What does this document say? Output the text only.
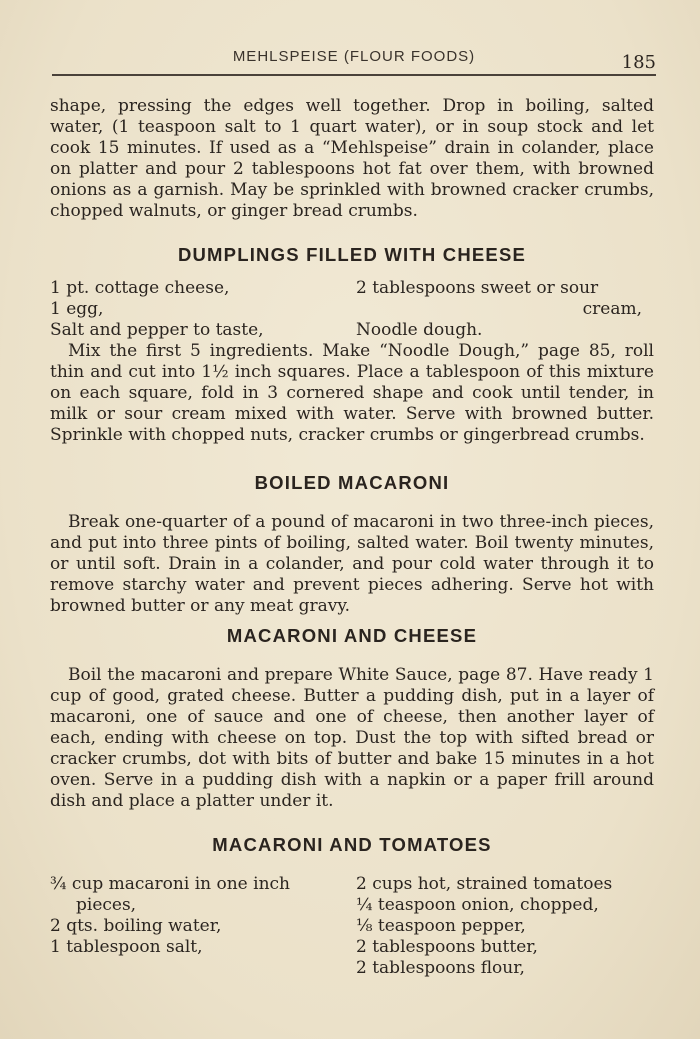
MEHLSPEISE (FLOUR FOODS)	185

shape, pressing the edges well together. Drop in boiling, salted water, (1 teaspoon salt to 1 quart water), or in soup stock and let cook 15 minutes. If used as a “Mehlspeise” drain in colander, place on platter and pour 2 tablespoons hot fat over them, with browned onions as a garnish. May be sprinkled with browned cracker crumbs, chopped walnuts, or ginger bread crumbs.

DUMPLINGS FILLED WITH CHEESE
1 pt. cottage cheese,
1 egg,
Salt and pepper to taste,
2 tablespoons sweet or sour
cream,
Noodle dough.

Mix the first 5 ingredients. Make “Noodle Dough,” page 85, roll thin and cut into 1½ inch squares. Place a tablespoon of this mixture on each square, fold in 3 cornered shape and cook until tender, in milk or sour cream mixed with water. Serve with browned butter. Sprinkle with chopped nuts, cracker crumbs or gingerbread crumbs.

BOILED MACARONI

Break one-quarter of a pound of macaroni in two three-inch pieces, and put into three pints of boiling, salted water. Boil twenty minutes, or until soft. Drain in a colander, and pour cold water through it to remove starchy water and prevent pieces adhering. Serve hot with browned butter or any meat gravy.

MACARONI AND CHEESE

Boil the macaroni and prepare White Sauce, page 87. Have ready 1 cup of good, grated cheese. Butter a pudding dish, put in a layer of macaroni, one of sauce and one of cheese, then another layer of each, ending with cheese on top. Dust the top with sifted bread or cracker crumbs, dot with bits of butter and bake 15 minutes in a hot oven. Serve in a pudding dish with a napkin or a paper frill around dish and place a platter under it.

MACARONI AND TOMATOES
¾ cup macaroni in one inch
pieces,
2 qts. boiling water,
1 tablespoon salt,
2 cups hot, strained tomatoes
¼ teaspoon onion, chopped,
⅛ teaspoon pepper,
2 tablespoons butter,
2 tablespoons flour,
